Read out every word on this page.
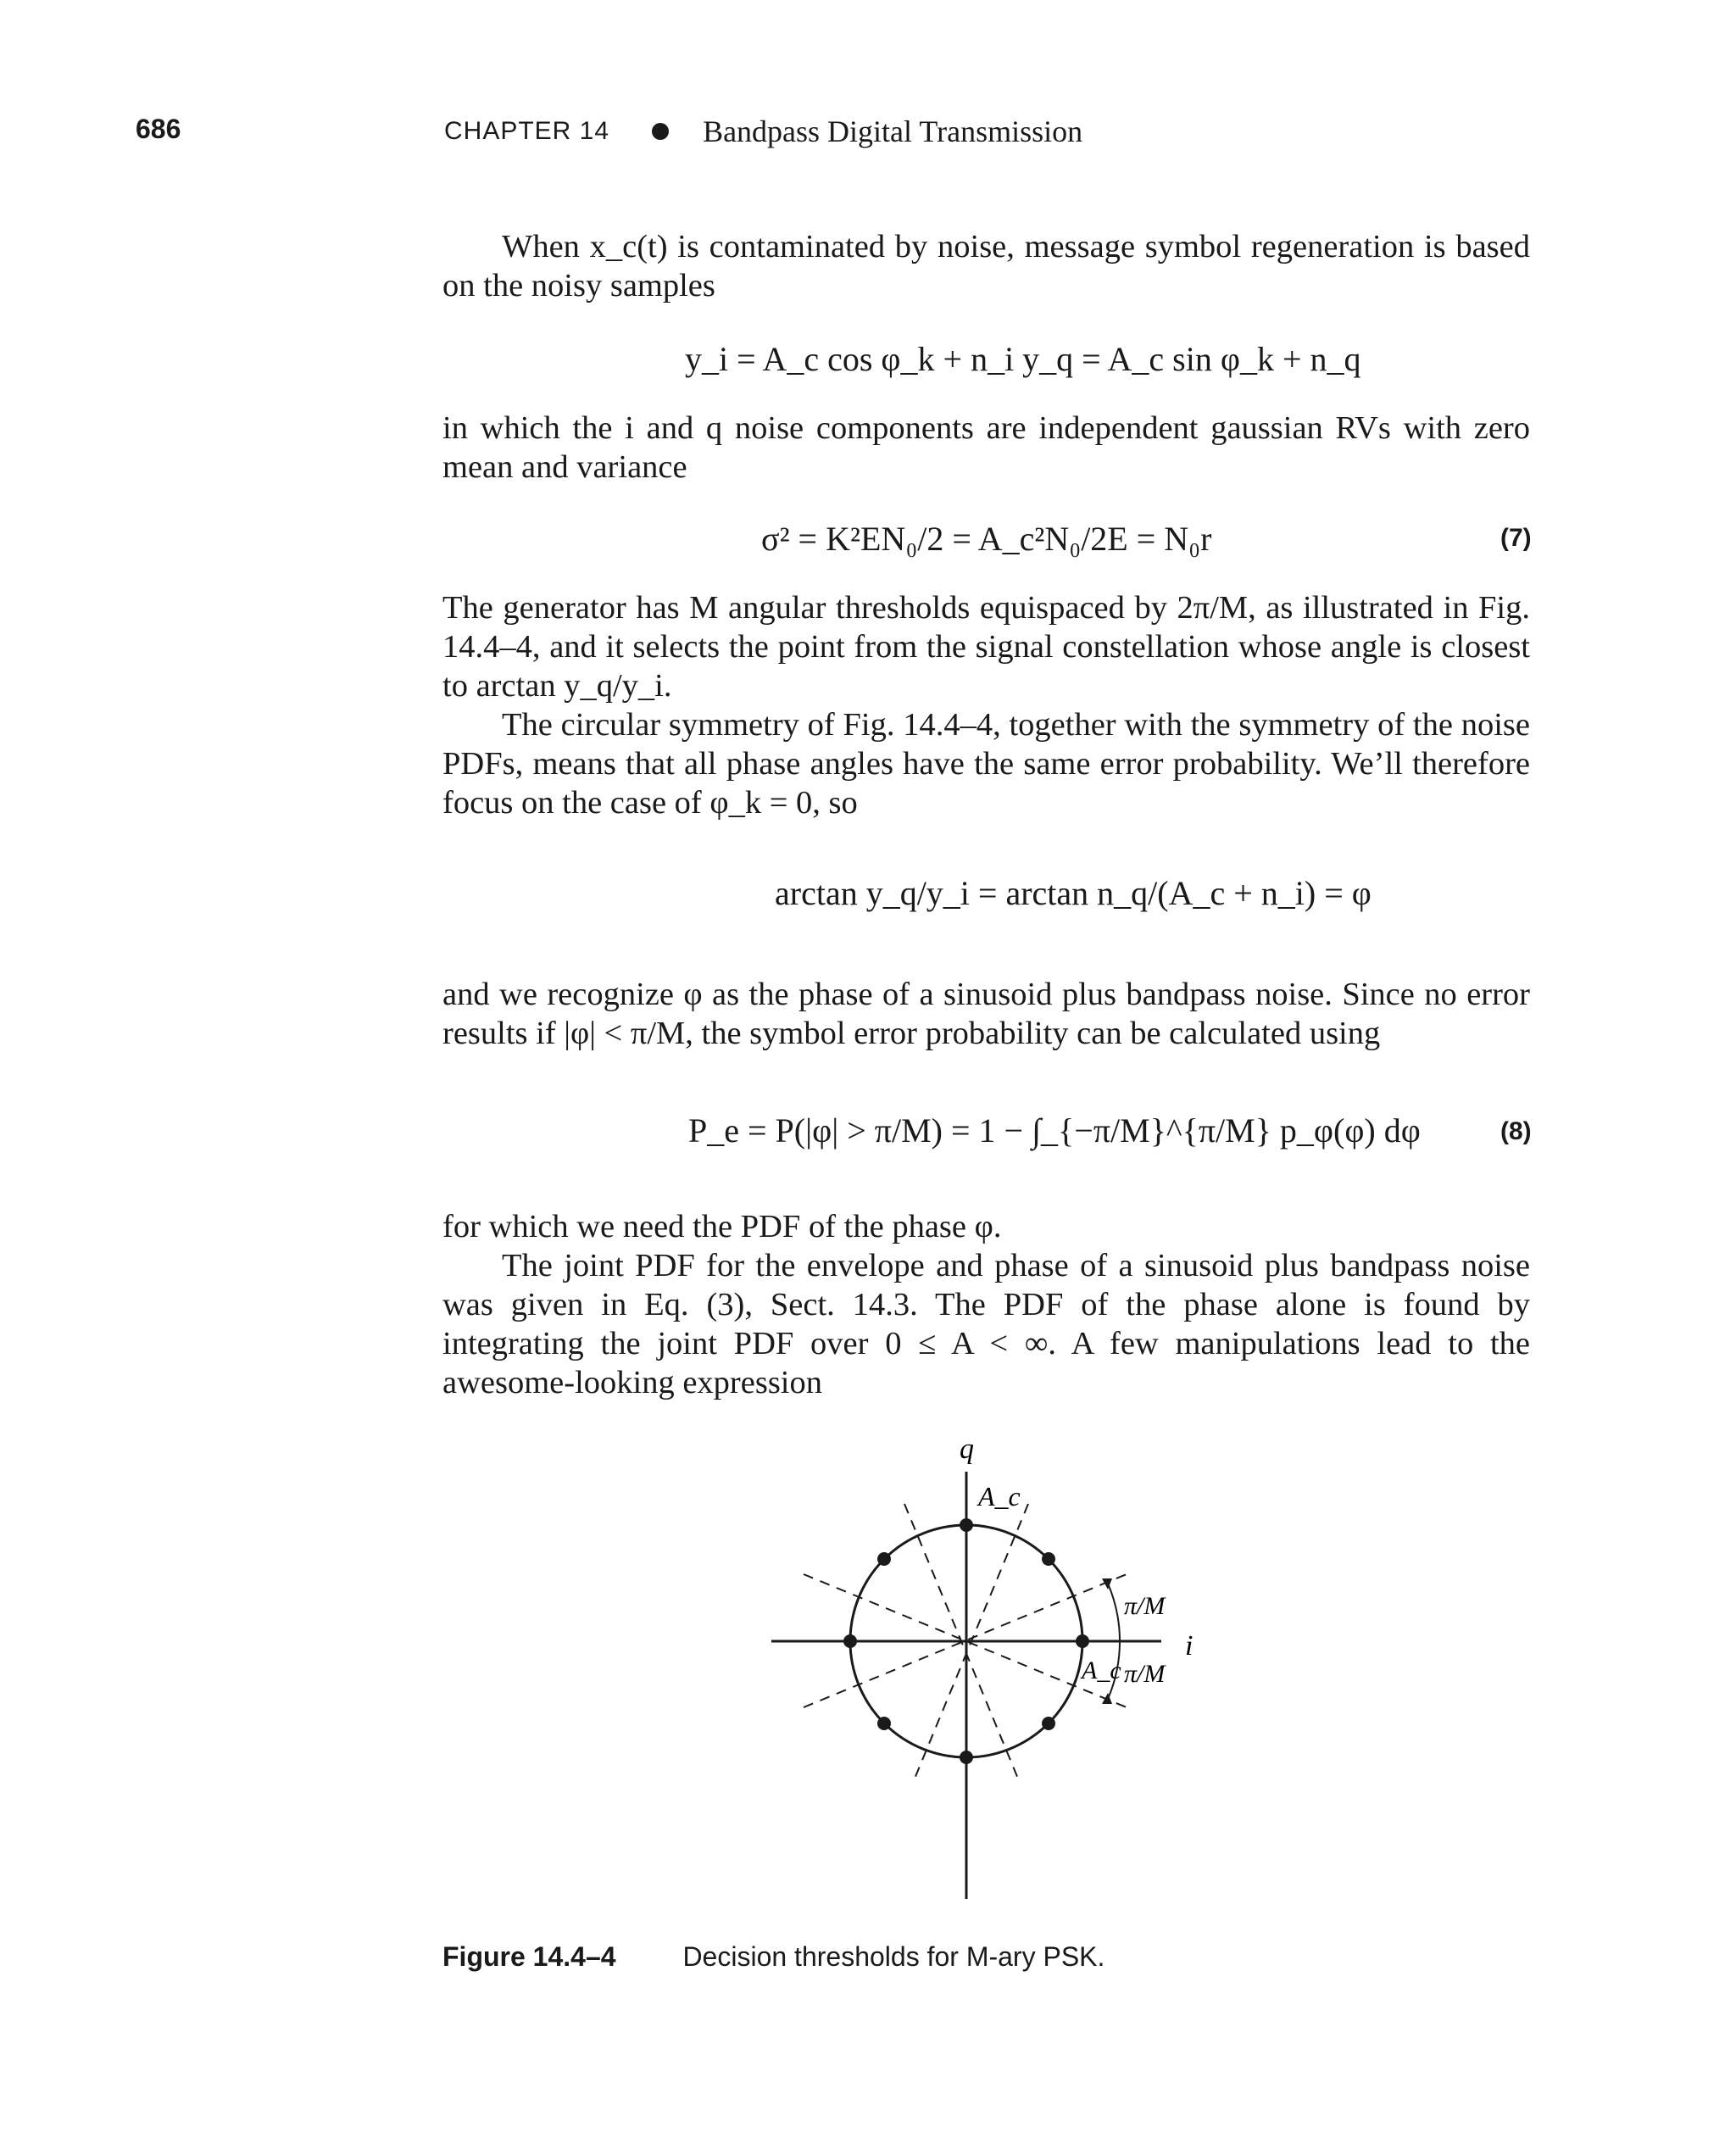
686	CHAPTER 14	Bandpass Digital Transmission

When x_c(t) is contaminated by noise, message symbol regeneration is based on the noisy samples

y_i = A_c cos φ_k + n_i y_q = A_c sin φ_k + n_q

in which the i and q noise components are independent gaussian RVs with zero mean and variance

σ² = K²EN₀/2 = A_c²N₀/2E = N₀r	(7)

The generator has M angular thresholds equispaced by 2π/M, as illustrated in Fig. 14.4–4, and it selects the point from the signal constellation whose angle is closest to arctan y_q/y_i.

The circular symmetry of Fig. 14.4–4, together with the symmetry of the noise PDFs, means that all phase angles have the same error probability. We’ll therefore focus on the case of φ_k = 0, so

arctan y_q/y_i = arctan n_q/(A_c + n_i) = φ

and we recognize φ as the phase of a sinusoid plus bandpass noise. Since no error results if |φ| < π/M, the symbol error probability can be calculated using

P_e = P(|φ| > π/M) = 1 − ∫_{−π/M}^{π/M} p_φ(φ) dφ	(8)

for which we need the PDF of the phase φ.

The joint PDF for the envelope and phase of a sinusoid plus bandpass noise was given in Eq. (3), Sect. 14.3. The PDF of the phase alone is found by integrating the joint PDF over 0 ≤ A < ∞. A few manipulations lead to the awesome-looking expression

q
i
A_c
A_c
π/M
π/M
Figure 14.4–4 Decision thresholds for M-ary PSK.
